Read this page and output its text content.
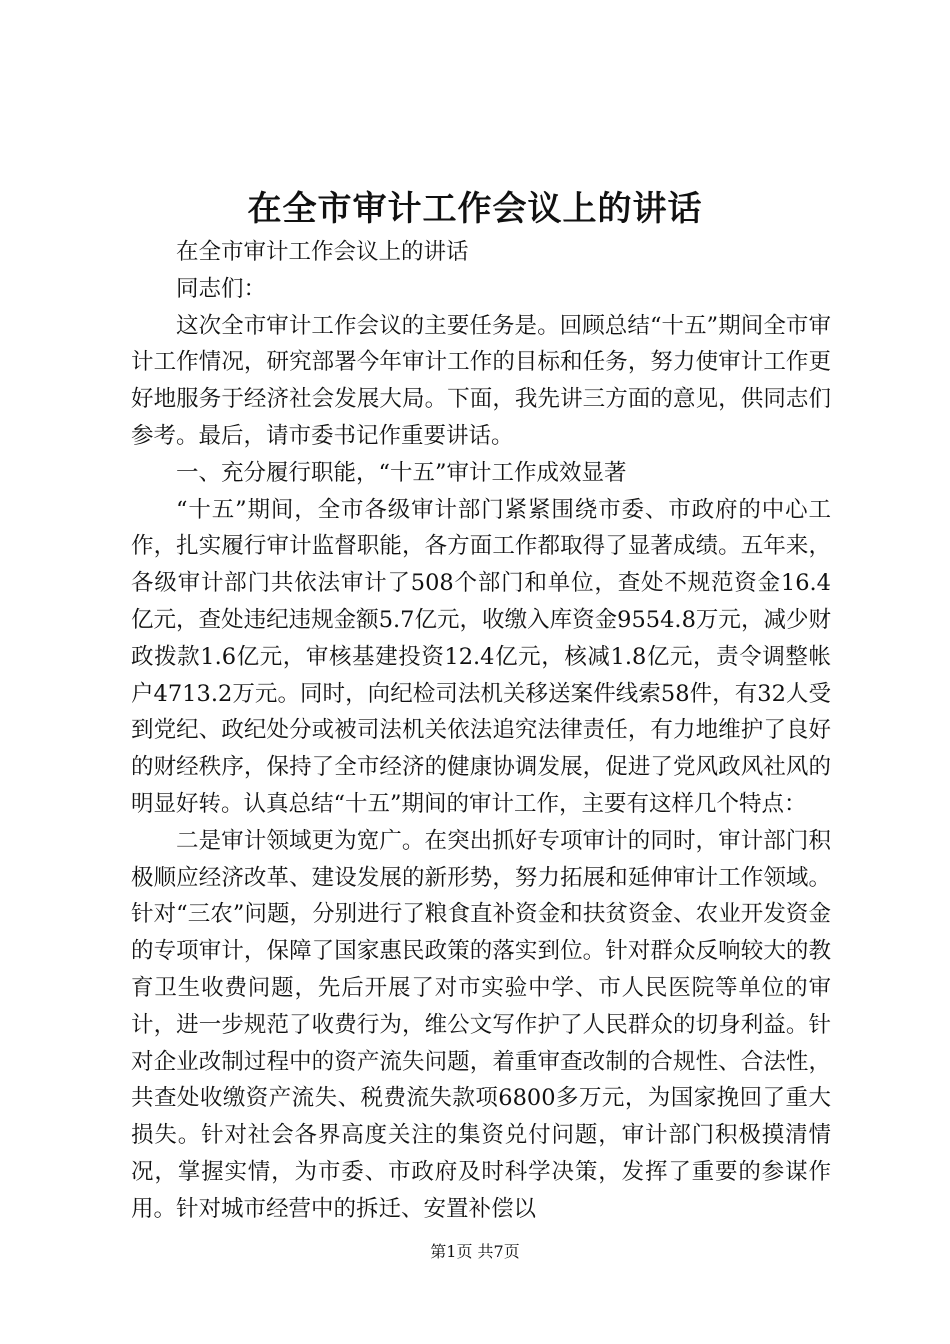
在全市审计工作会议上的讲话

在全市审计工作会议上的讲话

同志们：

这次全市审计工作会议的主要任务是。回顾总结“十五”期间全市审计工作情况，研究部署今年审计工作的目标和任务，努力使审计工作更好地服务于经济社会发展大局。下面，我先讲三方面的意见，供同志们参考。最后，请市委书记作重要讲话。

一、充分履行职能，“十五”审计工作成效显著

“十五”期间，全市各级审计部门紧紧围绕市委、市政府的中心工作，扎实履行审计监督职能，各方面工作都取得了显著成绩。五年来，各级审计部门共依法审计了508个部门和单位，查处不规范资金16.4亿元，查处违纪违规金额5.7亿元，收缴入库资金9554.8万元，减少财政拨款1.6亿元，审核基建投资12.4亿元，核减1.8亿元，责令调整帐户4713.2万元。同时，向纪检司法机关移送案件线索58件，有32人受到党纪、政纪处分或被司法机关依法追究法律责任，有力地维护了良好的财经秩序，保持了全市经济的健康协调发展，促进了党风政风社风的明显好转。认真总结“十五”期间的审计工作，主要有这样几个特点：

二是审计领域更为宽广。在突出抓好专项审计的同时，审计部门积极顺应经济改革、建设发展的新形势，努力拓展和延伸审计工作领域。针对“三农”问题，分别进行了粮食直补资金和扶贫资金、农业开发资金的专项审计，保障了国家惠民政策的落实到位。针对群众反响较大的教育卫生收费问题，先后开展了对市实验中学、市人民医院等单位的审计，进一步规范了收费行为，维公文写作护了人民群众的切身利益。针对企业改制过程中的资产流失问题，着重审查改制的合规性、合法性，共查处收缴资产流失、税费流失款项6800多万元，为国家挽回了重大损失。针对社会各界高度关注的集资兑付问题，审计部门积极摸清情况，掌握实情，为市委、市政府及时科学决策，发挥了重要的参谋作用。针对城市经营中的拆迁、安置补偿以

第1页 共7页
